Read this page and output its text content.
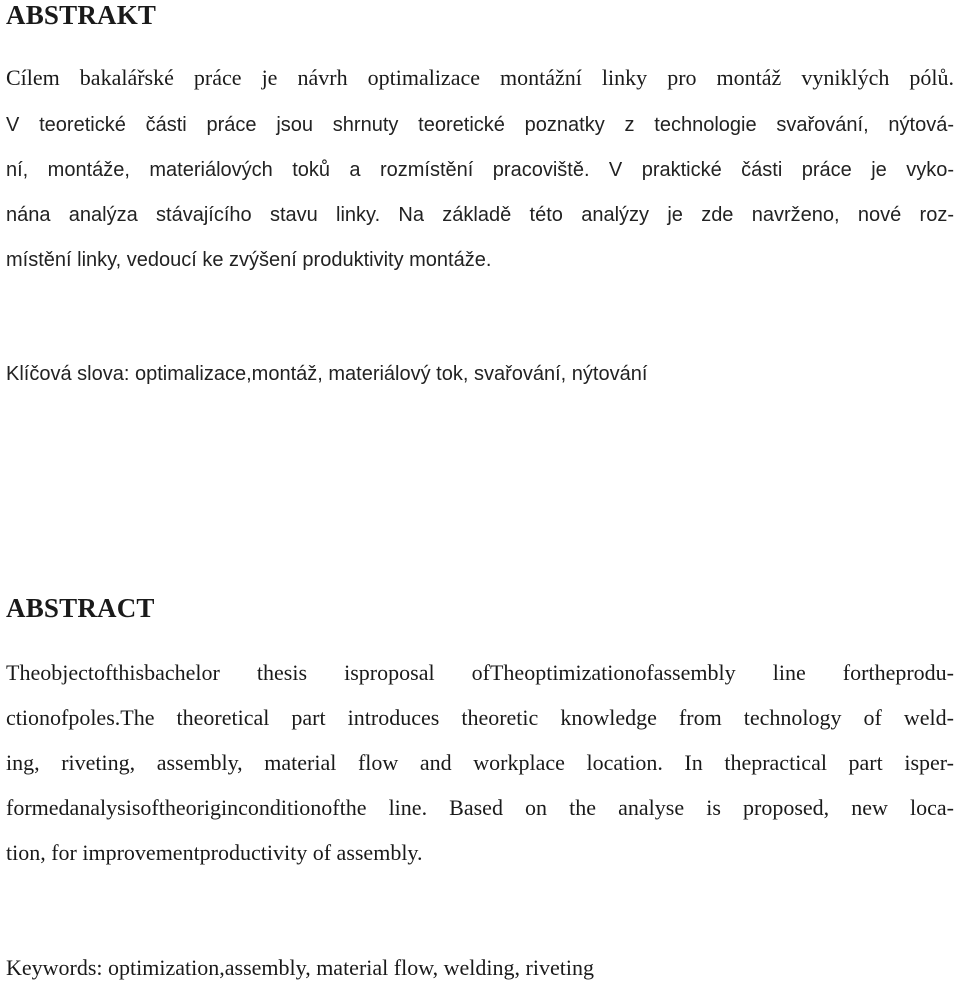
ABSTRAKT
Cílem bakalářské práce je návrh optimalizace montážní linky pro montáž vyniklých pólů.
V teoretické části práce jsou shrnuty teoretické poznatky z technologie svařování, nýtová-
ní, montáže, materiálových toků a rozmístění pracoviště. V praktické části práce je vyko-
nána analýza stávajícího stavu linky. Na základě této analýzy je zde navrženo, nové roz-
místění linky, vedoucí ke zvýšení produktivity montáže.
Klíčová slova: optimalizace,montáž, materiálový tok, svařování, nýtování
ABSTRACT
Theobjectofthisbachelor thesis isproposal ofTheoptimizationofassembly line fortheprodu-
ctionofpoles.The theoretical part introduces theoretic knowledge from technology of weld-
ing, riveting, assembly, material flow and workplace location. In thepractical part isper-
formedanalysisoftheoriginconditionofthe line. Based on the analyse is proposed, new loca-
tion, for improvementproductivity of assembly.
Keywords: optimization,assembly, material flow, welding, riveting
